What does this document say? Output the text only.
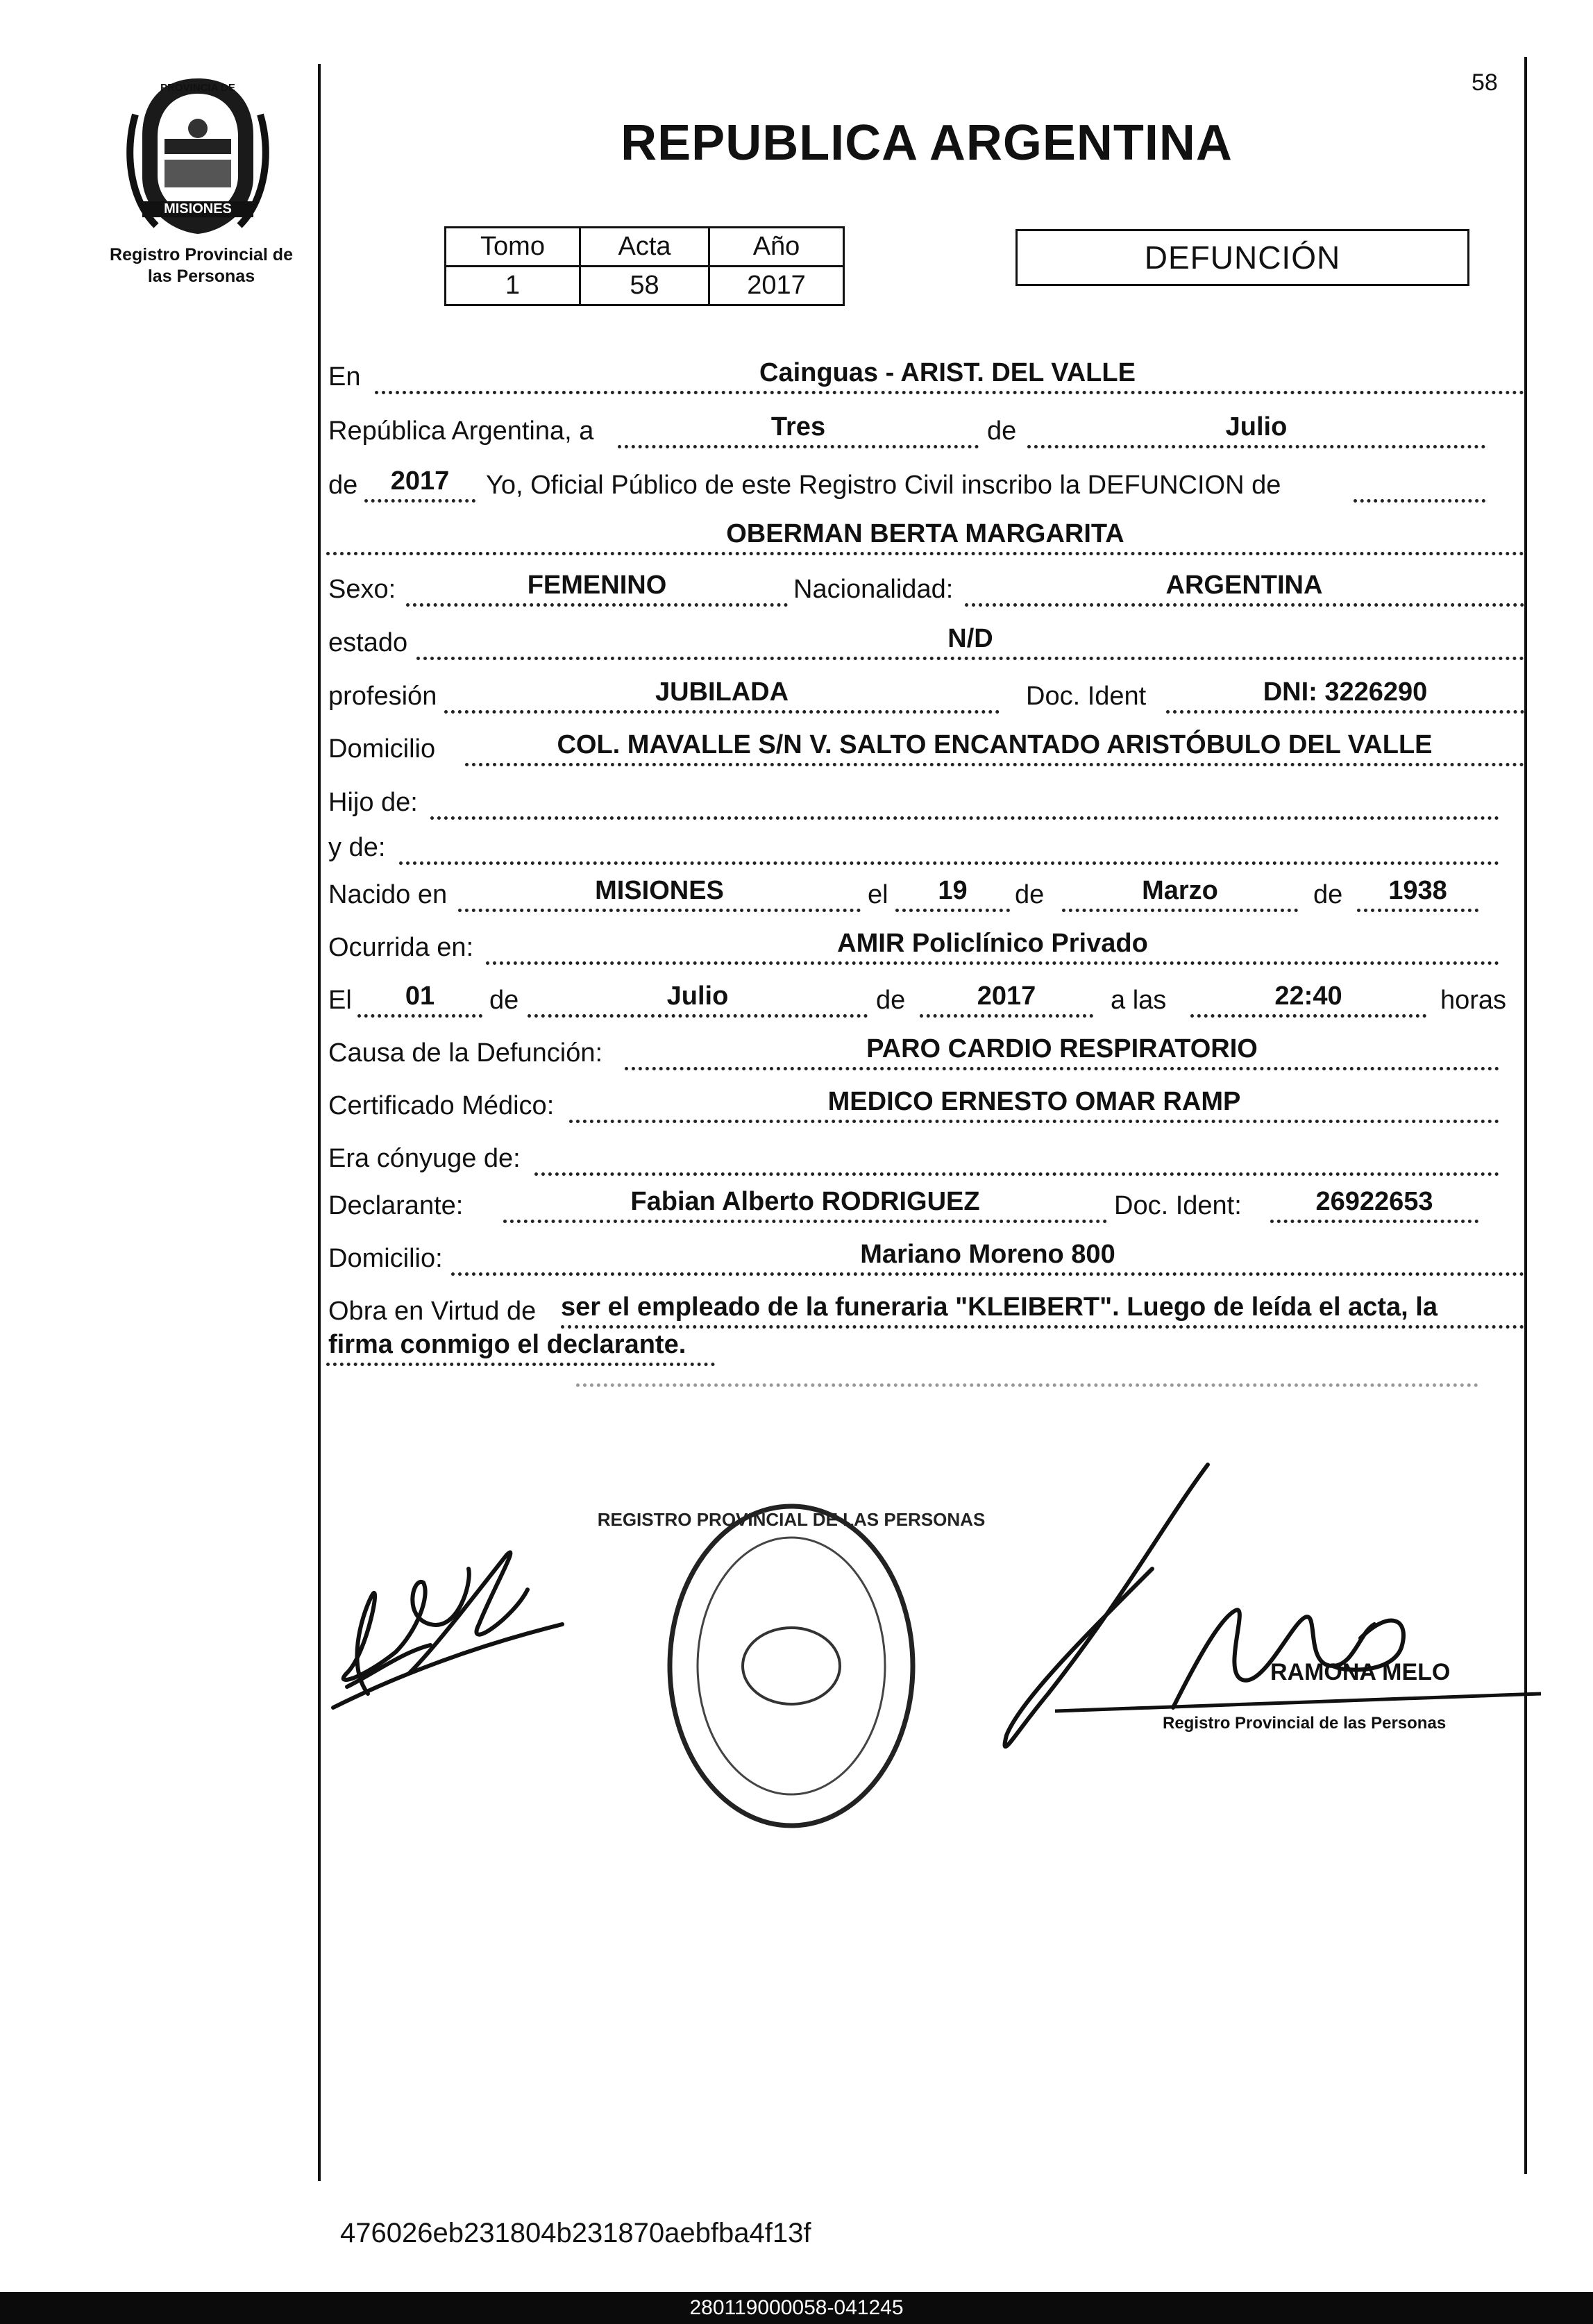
PROVINCIA DE
MISIONES
Registro Provincial de
las Personas
58
REPUBLICA ARGENTINA
Tomo	Acta	Año
1	58	2017
DEFUNCIÓN
En	Cainguas - ARIST. DEL VALLE
República Argentina, a	Tres	de	Julio
de	2017	Yo, Oficial Público de este Registro Civil inscribo la DEFUNCION de
OBERMAN BERTA MARGARITA
Sexo:	FEMENINO	Nacionalidad:	ARGENTINA
estado	N/D
profesión	JUBILADA	Doc. Ident	DNI: 3226290
Domicilio	COL. MAVALLE S/N V. SALTO ENCANTADO ARISTÓBULO DEL VALLE
Hijo de:
y de:
Nacido en	MISIONES	el	19	de	Marzo	de	1938
Ocurrida en:	AMIR Policlínico Privado
El	01	de	Julio	de	2017	a las	22:40	horas
Causa de la Defunción:	PARO CARDIO RESPIRATORIO
Certificado Médico:	MEDICO ERNESTO OMAR RAMP
Era cónyuge de:
Declarante:	Fabian Alberto RODRIGUEZ	Doc. Ident:	26922653
Domicilio:	Mariano Moreno 800
Obra en Virtud de ser el empleado de la funeraria "KLEIBERT". Luego de leída el acta, la
firma conmigo el declarante.
REGISTRO PROVINCIAL DE LAS PERSONAS
RAMONA MELO
Registro Provincial de las Personas
476026eb231804b231870aebfba4f13f
280119000058-041245
